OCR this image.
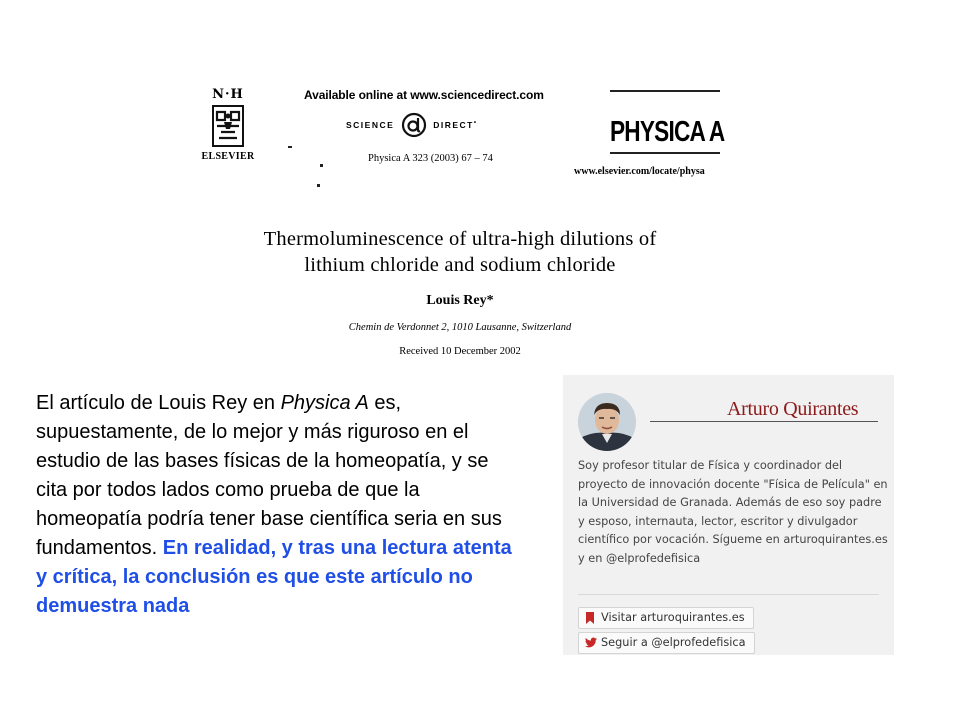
N·H
ELSEVIER
Available online at www.sciencedirect.com
SCIENCE	DIRECT•
Physica A 323 (2003) 67 – 74
PHYSICA A
www.elsevier.com/locate/physa
Thermoluminescence of ultra-high dilutions of
lithium chloride and sodium chloride
Louis Rey*
Chemin de Verdonnet 2, 1010 Lausanne, Switzerland
Received 10 December 2002
El artículo de Louis Rey en Physica A es, supuestamente, de lo mejor y más riguroso en el estudio de las bases físicas de la homeopatía, y se cita por todos lados como prueba de que la homeopatía podría tener base científica seria en sus fundamentos. En realidad, y tras una lectura atenta y crítica, la conclusión es que este artículo no demuestra nada
Arturo Quirantes
Soy profesor titular de Física y coordinador del proyecto de innovación docente "Física de Película" en la Universidad de Granada. Además de eso soy padre y esposo, internauta, lector, escritor y divulgador científico por vocación. Sígueme en arturoquirantes.es y en @elprofedefisica
Visitar arturoquirantes.es
Seguir a @elprofedefisica
